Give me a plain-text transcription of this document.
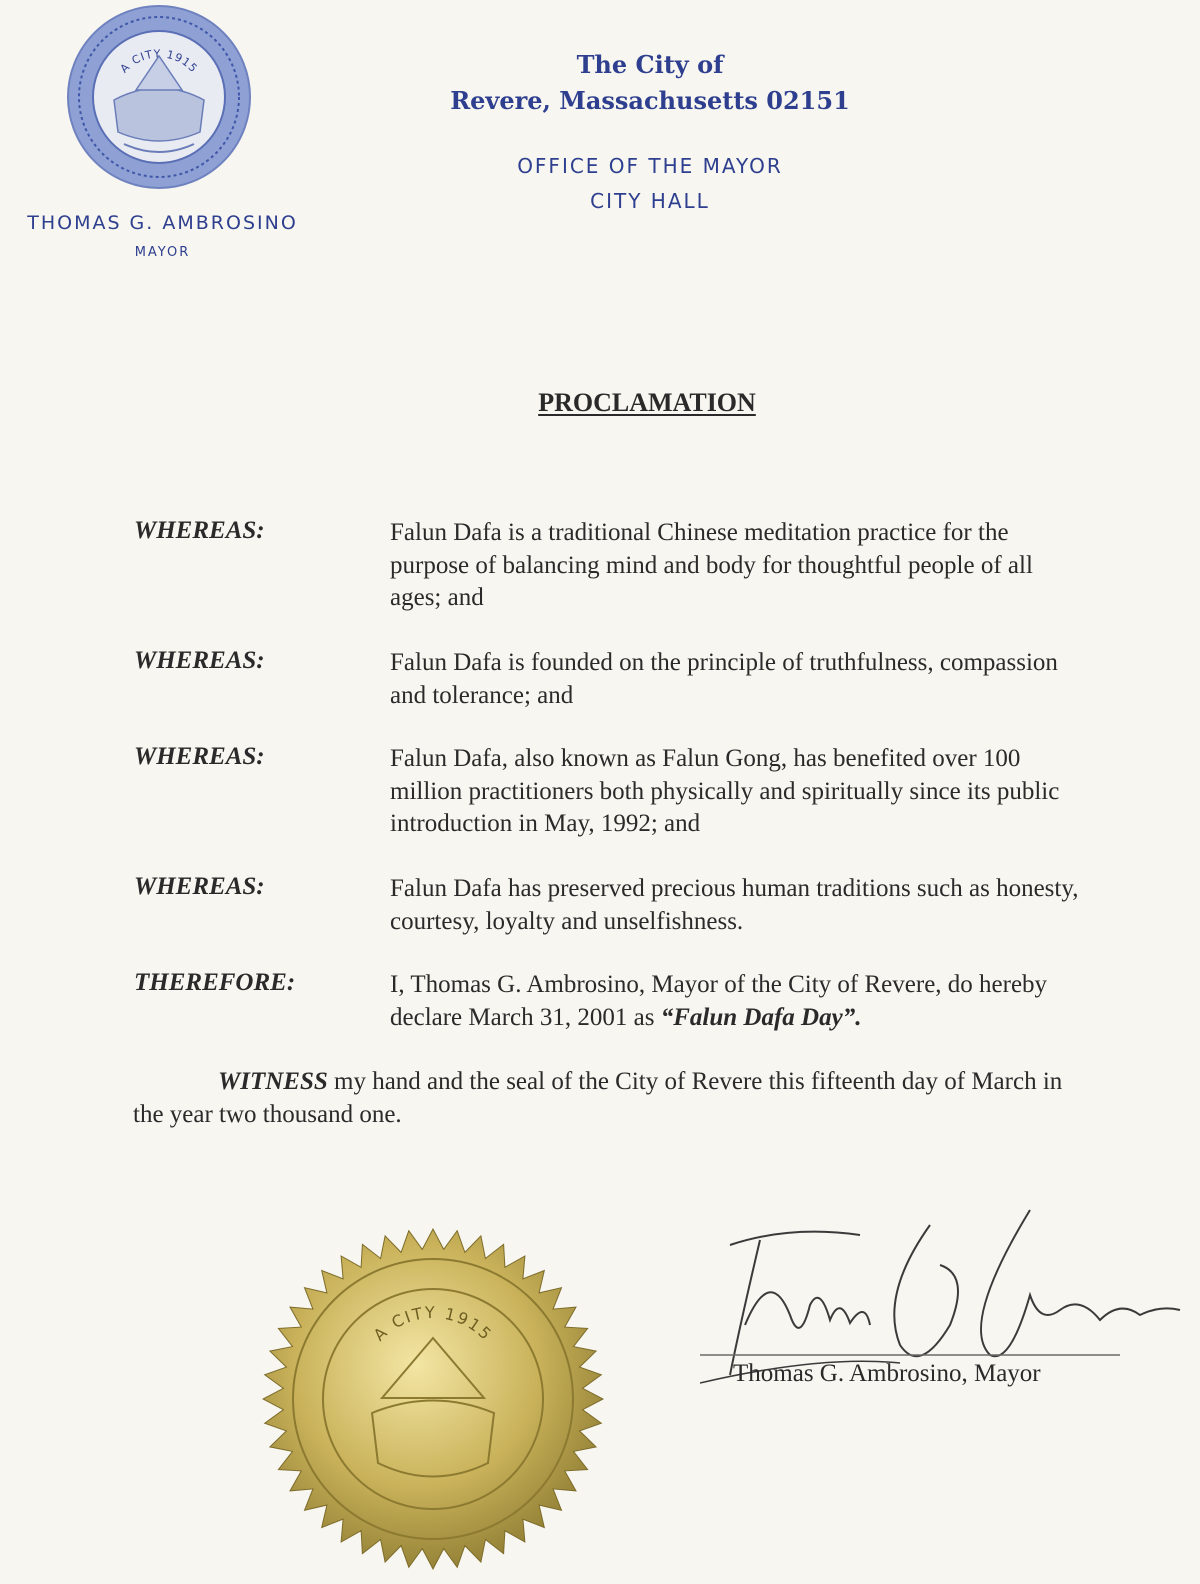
A CITY 1915
THOMAS G. AMBROSINO
MAYOR
The City of
Revere, Massachusetts 02151
OFFICE OF THE MAYOR
CITY HALL
PROCLAMATION
WHEREAS:	Falun Dafa is a traditional Chinese meditation practice for the purpose of balancing mind and body for thoughtful people of all ages; and
WHEREAS:	Falun Dafa is founded on the principle of truthfulness, compassion and tolerance; and
WHEREAS:	Falun Dafa, also known as Falun Gong, has benefited over 100 million practitioners both physically and spiritually since its public introduction in May, 1992; and
WHEREAS:	Falun Dafa has preserved precious human traditions such as honesty, courtesy, loyalty and unselfishness.
THEREFORE:	I, Thomas G. Ambrosino, Mayor of the City of Revere, do hereby declare March 31, 2001 as “Falun Dafa Day”.
WITNESS my hand and the seal of the City of Revere this fifteenth day of March in the year two thousand one.
A CITY 1915
Thomas G. Ambrosino, Mayor
